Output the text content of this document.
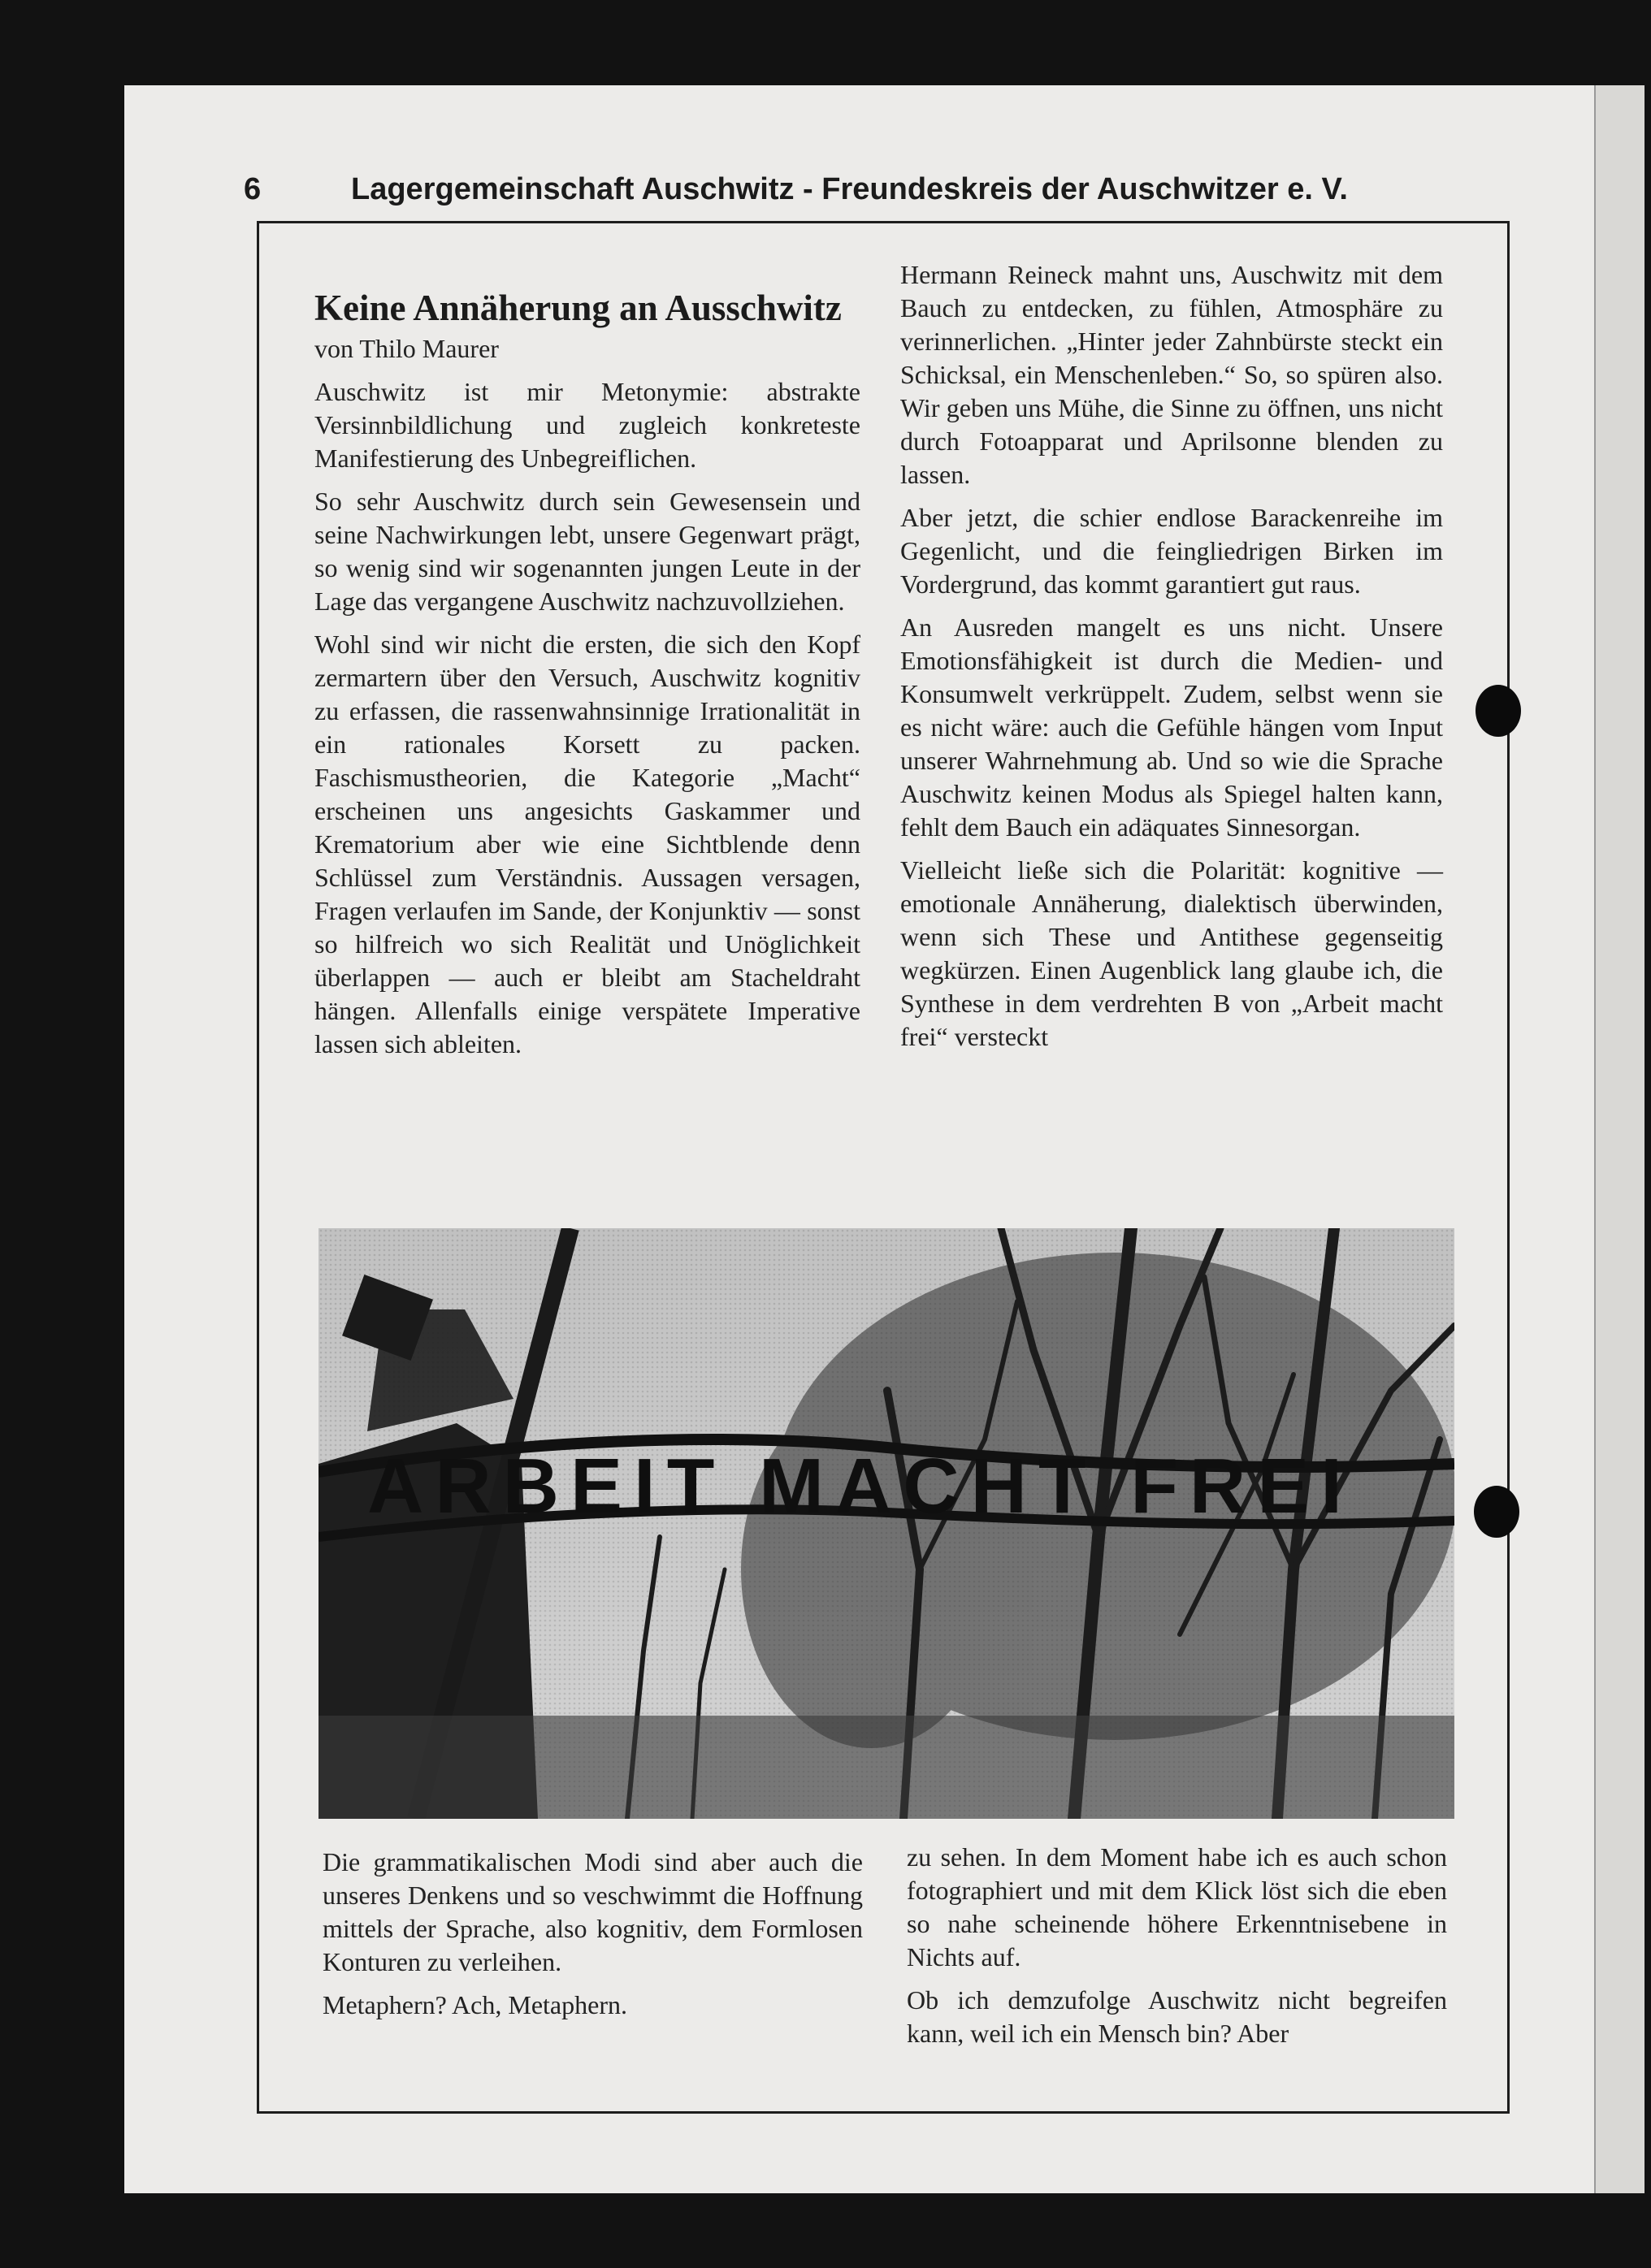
6	Lagergemeinschaft Auschwitz - Freundeskreis der Auschwitzer e. V.
Keine Annäherung an Ausschwitz

von Thilo Maurer

Auschwitz ist mir Metonymie: abstrakte Versinnbildlichung und zugleich konkreteste Manifestierung des Unbegreiflichen.

So sehr Auschwitz durch sein Gewesensein und seine Nachwirkungen lebt, unsere Gegenwart prägt, so wenig sind wir sogenannten jungen Leute in der Lage das vergangene Auschwitz nachzuvollziehen.

Wohl sind wir nicht die ersten, die sich den Kopf zermartern über den Versuch, Auschwitz kognitiv zu erfassen, die rassenwahnsinnige Irrationalität in ein rationales Korsett zu packen. Faschismustheorien, die Kategorie „Macht“ erscheinen uns angesichts Gaskammer und Krematorium aber wie eine Sichtblende denn Schlüssel zum Verständnis. Aussagen versagen, Fragen verlaufen im Sande, der Konjunktiv — sonst so hilfreich wo sich Realität und Unöglichkeit überlappen — auch er bleibt am Stacheldraht hängen. Allenfalls einige verspätete Imperative lassen sich ableiten.

Hermann Reineck mahnt uns, Auschwitz mit dem Bauch zu entdecken, zu fühlen, Atmosphäre zu verinnerlichen. „Hinter jeder Zahnbürste steckt ein Schicksal, ein Menschenleben.“ So, so spüren also. Wir geben uns Mühe, die Sinne zu öffnen, uns nicht durch Fotoapparat und Aprilsonne blenden zu lassen.

Aber jetzt, die schier endlose Barackenreihe im Gegenlicht, und die feingliedrigen Birken im Vordergrund, das kommt garantiert gut raus.

An Ausreden mangelt es uns nicht. Unsere Emotionsfähigkeit ist durch die Medien- und Konsumwelt verkrüppelt. Zudem, selbst wenn sie es nicht wäre: auch die Gefühle hängen vom Input unserer Wahrnehmung ab. Und so wie die Sprache Auschwitz keinen Modus als Spiegel halten kann, fehlt dem Bauch ein adäquates Sinnesorgan.

Vielleicht ließe sich die Polarität: kognitive — emotionale Annäherung, dialektisch überwinden, wenn sich These und Antithese gegenseitig wegkürzen. Einen Augenblick lang glaube ich, die Synthese in dem verdrehten B von „Arbeit macht frei“ versteckt

ARBEIT MACHT FREI

Die grammatikalischen Modi sind aber auch die unseres Denkens und so veschwimmt die Hoffnung mittels der Sprache, also kognitiv, dem Formlosen Konturen zu verleihen.

Metaphern? Ach, Metaphern.

zu sehen. In dem Moment habe ich es auch schon fotographiert und mit dem Klick löst sich die eben so nahe scheinende höhere Erkenntnisebene in Nichts auf.

Ob ich demzufolge Auschwitz nicht begreifen kann, weil ich ein Mensch bin? Aber
